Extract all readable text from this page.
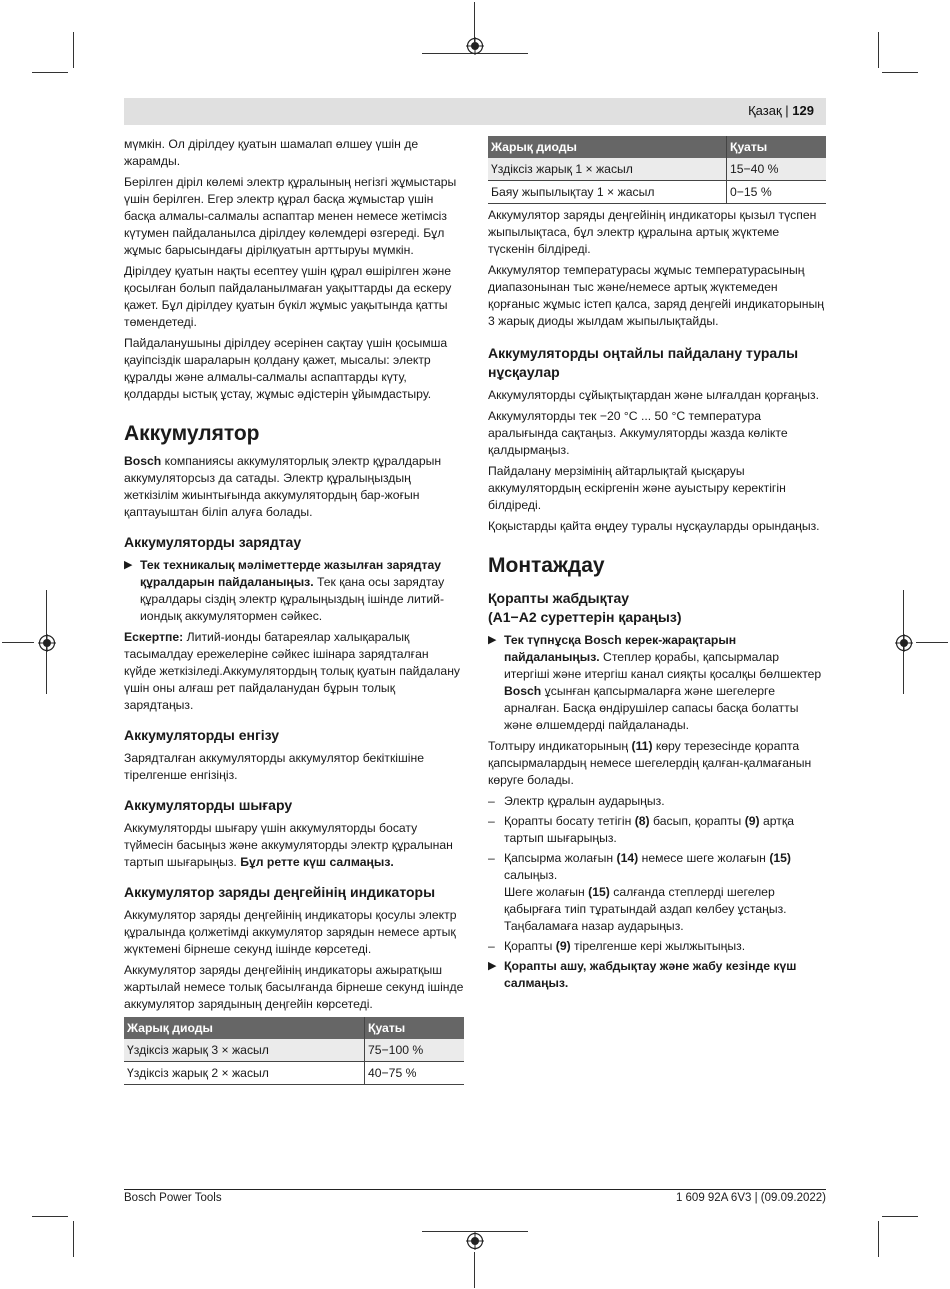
Қазақ | 129

мүмкін. Ол дірілдеу қуатын шамалап өлшеу үшін де жарамды.

Берілген діріл көлемі электр құралының негізгі жұмыстары үшін берілген. Егер электр құрал басқа жұмыстар үшін басқа алмалы-салмалы аспаптар менен немесе жетімсіз күтумен пайдаланылса дірілдеу көлемдері өзгереді. Бұл жұмыс барысындағы дірілқуатын арттыруы мүмкін.

Дірілдеу қуатын нақты есептеу үшін құрал өшірілген және қосылған болып пайдаланылмаған уақыттарды да ескеру қажет. Бұл дірілдеу қуатын бүкіл жұмыс уақытында қатты төмендетеді.

Пайдаланушыны дірілдеу әсерінен сақтау үшін қосымша қауіпсіздік шараларын қолдану қажет, мысалы: электр құралды және алмалы-салмалы аспаптарды күту, қолдарды ыстық ұстау, жұмыс әдістерін ұйымдастыру.

Аккумулятор

Bosch компаниясы аккумуляторлық электр құралдарын аккумуляторсыз да сатады. Электр құралыңыздың жеткізілім жиынтығында аккумулятордың бар-жоғын қаптауыштан біліп алуға болады.

Аккумуляторды зарядтау
▶ Тек техникалық мәліметтерде жазылған зарядтау құралдарын пайдаланыңыз. Тек қана осы зарядтау құралдары сіздің электр құралыңыздың ішінде литий-иондық аккумулятормен сәйкес.

Ескертпе: Литий-ионды батареялар халықаралық тасымалдау ережелеріне сәйкес ішінара зарядталған күйде жеткізіледі.Аккумулятордың толық қуатын пайдалану үшін оны алғаш рет пайдаланудан бұрын толық зарядтаңыз.

Аккумуляторды енгізу

Зарядталған аккумуляторды аккумулятор бекіткішіне тірелгенше енгізіңіз.

Аккумуляторды шығару

Аккумуляторды шығару үшін аккумуляторды босату түймесін басыңыз және аккумуляторды электр құралынан тартып шығарыңыз. Бұл ретте күш салмаңыз.

Аккумулятор заряды деңгейінің индикаторы

Аккумулятор заряды деңгейінің индикаторы қосулы электр құралында қолжетімді аккумулятор зарядын немесе артық жүктемені бірнеше секунд ішінде көрсетеді.

Аккумулятор заряды деңгейінің индикаторы ажыратқыш жартылай немесе толық басылғанда бірнеше секунд ішінде аккумулятор зарядының деңгейін көрсетеді.

Жарық диоды	Қуаты
Үздіксіз жарық 3 × жасыл	75−100 %
Үздіксіз жарық 2 × жасыл	40−75 %
Жарық диоды	Қуаты
Үздіксіз жарық 1 × жасыл	15−40 %
Баяу жыпылықтау 1 × жасыл	0−15 %

Аккумулятор заряды деңгейінің индикаторы қызыл түспен жыпылықтаса, бұл электр құралына артық жүктеме түскенін білдіреді.

Аккумулятор температурасы жұмыс температурасының диапазонынан тыс және/немесе артық жүктемеден қорғаныс жұмыс істеп қалса, заряд деңгейі индикаторының 3 жарық диоды жылдам жыпылықтайды.

Аккумуляторды оңтайлы пайдалану туралы нұсқаулар

Аккумуляторды сұйықтықтардан және ылғалдан қорғаңыз.

Аккумуляторды тек −20 °C ... 50 °C температура аралығында сақтаңыз. Аккумуляторды жазда көлікте қалдырмаңыз.

Пайдалану мерзімінің айтарлықтай қысқаруы аккумулятордың ескіргенін және ауыстыру керектігін білдіреді.

Қоқыстарды қайта өңдеу туралы нұсқауларды орындаңыз.

Монтаждау
Қорапты жабдықтау
(A1−A2 суреттерін қараңыз)
▶ Тек түпнұсқа Bosch керек-жарақтарын пайдаланыңыз. Степлер қорабы, қапсырмалар итергіші және итергіш канал сияқты қосалқы бөлшектер Bosch ұсынған қапсырмаларға және шегелерге арналған. Басқа өндірушілер сапасы басқа болатты және өлшемдерді пайдаланады.

Толтыру индикаторының (11) көру терезесінде қорапта қапсырмалардың немесе шегелердің қалған-қалмағанын көруге болады.

– Электр құралын аударыңыз.
– Қорапты босату тетігін (8) басып, қорапты (9) артқа тартып шығарыңыз.
– Қапсырма жолағын (14) немесе шеге жолағын (15) салыңыз.
Шеге жолағын (15) салғанда степлерді шегелер қабырғаға тиіп тұратындай аздап көлбеу ұстаңыз. Таңбаламаға назар аударыңыз.
– Қорапты (9) тірелгенше кері жылжытыңыз.
▶ Қорапты ашу, жабдықтау және жабу кезінде күш салмаңыз.
Bosch Power Tools	1 609 92A 6V3 | (09.09.2022)
